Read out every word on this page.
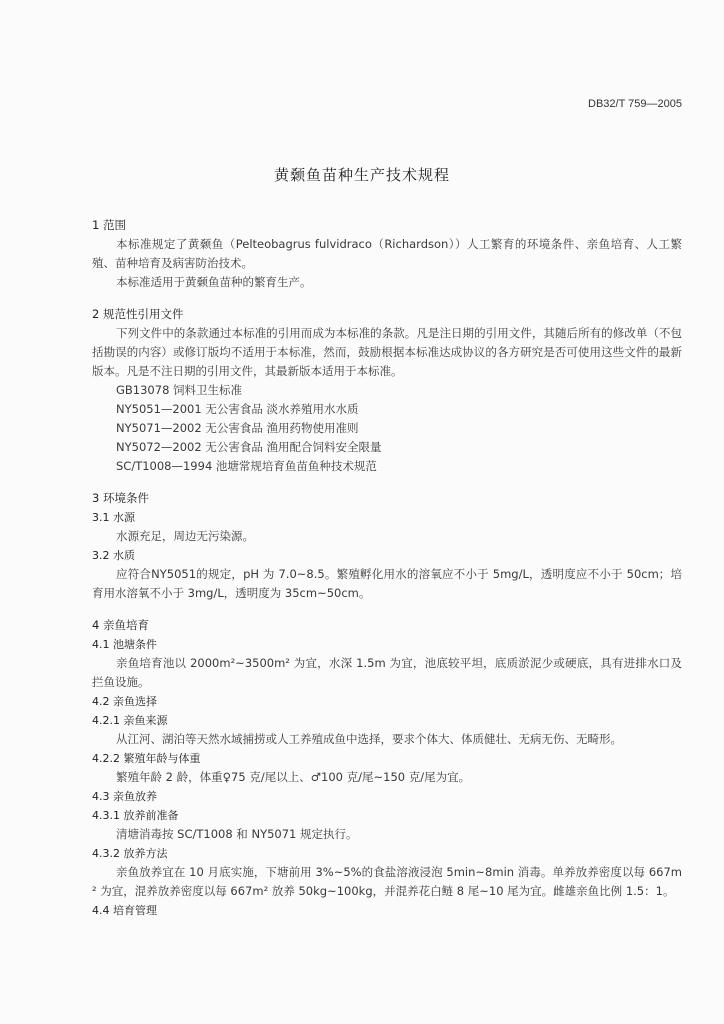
DB32/T 759—2005
黄颡鱼苗种生产技术规程
1 范围
本标准规定了黄颡鱼（Pelteobagrus fulvidraco（Richardson））人工繁育的环境条件、亲鱼培育、人工繁殖、苗种培育及病害防治技术。
本标准适用于黄颡鱼苗种的繁育生产。
2 规范性引用文件
下列文件中的条款通过本标准的引用而成为本标准的条款。凡是注日期的引用文件，其随后所有的修改单（不包括勘误的内容）或修订版均不适用于本标准，然而，鼓励根据本标准达成协议的各方研究是否可使用这些文件的最新版本。凡是不注日期的引用文件，其最新版本适用于本标准。
GB13078 饲料卫生标准
NY5051—2001 无公害食品 淡水养殖用水水质
NY5071—2002 无公害食品 渔用药物使用准则
NY5072—2002 无公害食品 渔用配合饲料安全限量
SC/T1008—1994 池塘常规培育鱼苗鱼种技术规范
3 环境条件
3.1 水源
水源充足，周边无污染源。
3.2 水质
应符合NY5051的规定，pH 为 7.0~8.5。繁殖孵化用水的溶氧应不小于 5mg/L，透明度应不小于 50cm；培育用水溶氧不小于 3mg/L，透明度为 35cm~50cm。
4 亲鱼培育
4.1 池塘条件
亲鱼培育池以 2000m²~3500m² 为宜，水深 1.5m 为宜，池底较平坦，底质淤泥少或硬底，具有进排水口及拦鱼设施。
4.2 亲鱼选择
4.2.1 亲鱼来源
从江河、湖泊等天然水域捕捞或人工养殖成鱼中选择，要求个体大、体质健壮、无病无伤、无畸形。
4.2.2 繁殖年龄与体重
繁殖年龄 2 龄，体重♀75 克/尾以上、♂100 克/尾~150 克/尾为宜。
4.3 亲鱼放养
4.3.1 放养前准备
清塘消毒按 SC/T1008 和 NY5071 规定执行。
4.3.2 放养方法
亲鱼放养宜在 10 月底实施，下塘前用 3%~5%的食盐溶液浸泡 5min~8min 消毒。单养放养密度以每 667m² 为宜，混养放养密度以每 667m² 放养 50kg~100kg，并混养花白鲢 8 尾~10 尾为宜。雌雄亲鱼比例 1.5：1。
4.4 培育管理
